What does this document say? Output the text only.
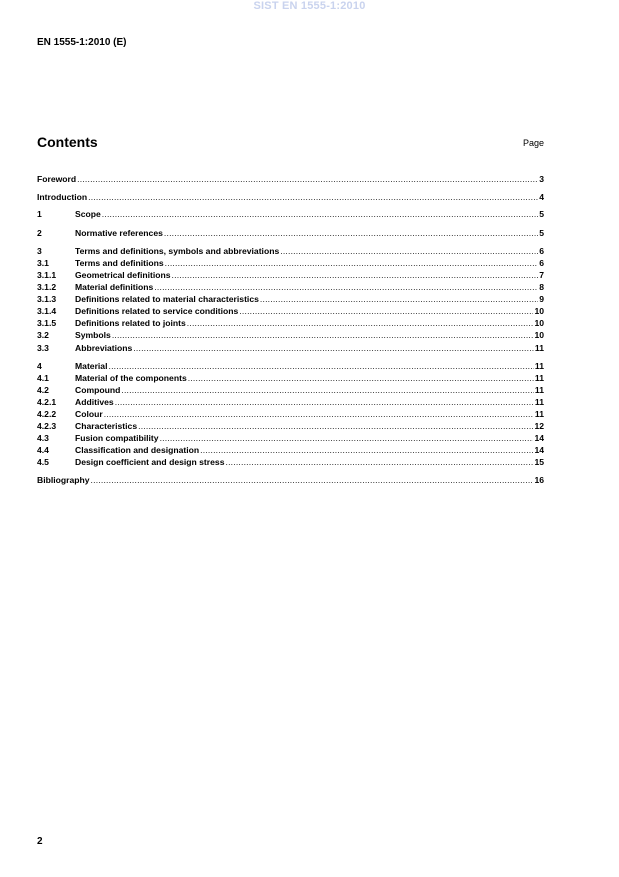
SIST EN 1555-1:2010
EN 1555-1:2010 (E)
Contents	Page
Foreword .....	3
Introduction .....	4
1	Scope .....	5
2	Normative references .....	5
3	Terms and definitions, symbols and abbreviations .....	6
3.1	Terms and definitions .....	6
3.1.1	Geometrical definitions .....	7
3.1.2	Material definitions .....	8
3.1.3	Definitions related to material characteristics .....	9
3.1.4	Definitions related to service conditions .....	10
3.1.5	Definitions related to joints .....	10
3.2	Symbols .....	10
3.3	Abbreviations .....	11
4	Material .....	11
4.1	Material of the components .....	11
4.2	Compound .....	11
4.2.1	Additives .....	11
4.2.2	Colour .....	11
4.2.3	Characteristics .....	12
4.3	Fusion compatibility .....	14
4.4	Classification and designation .....	14
4.5	Design coefficient and design stress .....	15
Bibliography .....	16
2
